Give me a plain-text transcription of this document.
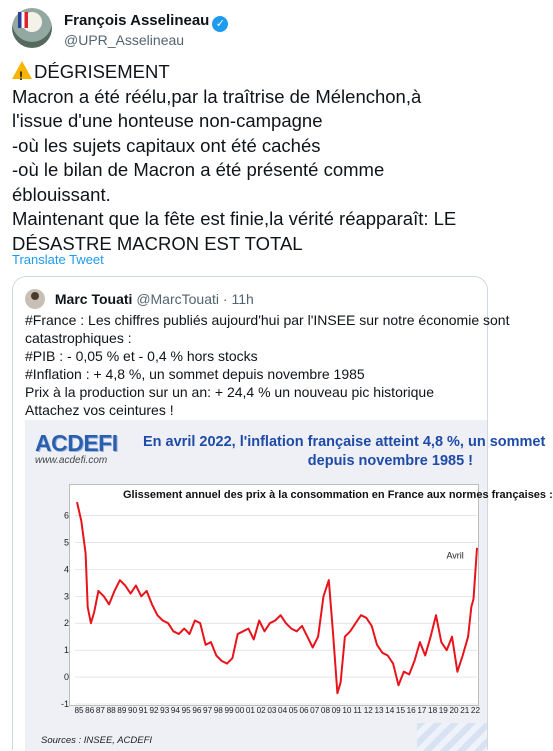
François Asselineau ✓
@UPR_Asselineau
!DÉGRISEMENT
Macron a été réélu,par la traîtrise de Mélenchon,à
l'issue d'une honteuse non-campagne
-où les sujets capitaux ont été cachés
-où le bilan de Macron a été présenté comme
éblouissant.
Maintenant que la fête est finie,la vérité réapparaît: LE
DÉSASTRE MACRON EST TOTAL
Translate Tweet
Marc Touati @MarcTouati · 11h
#France : Les chiffres publiés aujourd'hui par l'INSEE sur notre économie sont
catastrophiques :
#PIB : - 0,05 % et - 0,4 % hors stocks
#Inflation : + 4,8 %, un sommet depuis novembre 1985
Prix à la production sur un an: + 24,4 % un nouveau pic historique
Attachez vos ceintures !
ACDEFI
www.acdefi.com
En avril 2022, l'inflation française atteint 4,8 %, un sommet
depuis novembre 1985 !
Glissement annuel des prix à la consommation en France aux normes françaises :
-1
0
1
2
3
4
5
6
85 86 87 88 89 90 91 92 93 94 95 96 97 98 99 00 01 02 03 04 05 06 07 08 09 10 11 12 13 14 15 16 17 18 19 20 21 22
Avril
Sources : INSEE, ACDEFI
